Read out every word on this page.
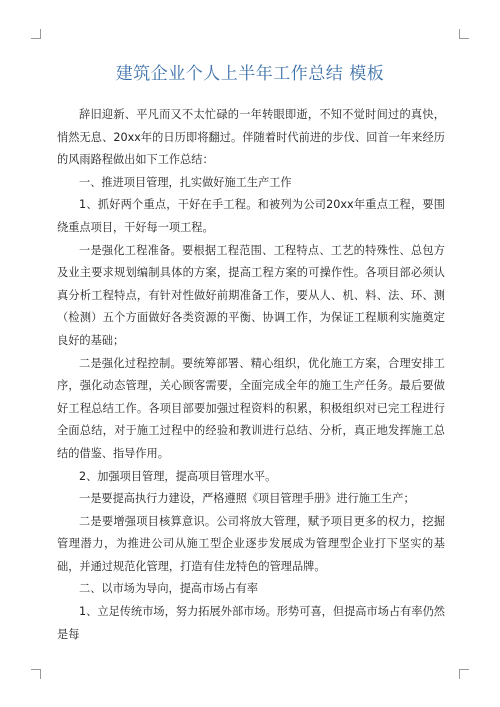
建筑企业个人上半年工作总结 模板

辞旧迎新、平凡而又不太忙碌的一年转眼即逝，不知不觉时间过的真快，悄然无息、20xx年的日历即将翻过。伴随着时代前进的步伐、回首一年来经历的风雨路程做出如下工作总结：

一、推进项目管理，扎实做好施工生产工作

1、抓好两个重点，干好在手工程。和被列为公司20xx年重点工程，要围绕重点项目，干好每一项工程。

一是强化工程准备。要根据工程范围、工程特点、工艺的特殊性、总包方及业主要求规划编制具体的方案，提高工程方案的可操作性。各项目部必须认真分析工程特点，有针对性做好前期准备工作，要从人、机、料、法、环、测（检测）五个方面做好各类资源的平衡、协调工作，为保证工程顺利实施奠定良好的基础；

二是强化过程控制。要统筹部署、精心组织，优化施工方案，合理安排工序，强化动态管理，关心顾客需要，全面完成全年的施工生产任务。最后要做好工程总结工作。各项目部要加强过程资料的积累，积极组织对已完工程进行全面总结，对于施工过程中的经验和教训进行总结、分析，真正地发挥施工总结的借鉴、指导作用。

2、加强项目管理，提高项目管理水平。

一是要提高执行力建设，严格遵照《项目管理手册》进行施工生产；

二是要增强项目核算意识。公司将放大管理，赋予项目更多的权力，挖掘管理潜力，为推进公司从施工型企业逐步发展成为管理型企业打下坚实的基础，并通过规范化管理，打造有佳龙特色的管理品牌。

二、以市场为导向，提高市场占有率

1、立足传统市场，努力拓展外部市场。形势可喜，但提高市场占有率仍然是每
